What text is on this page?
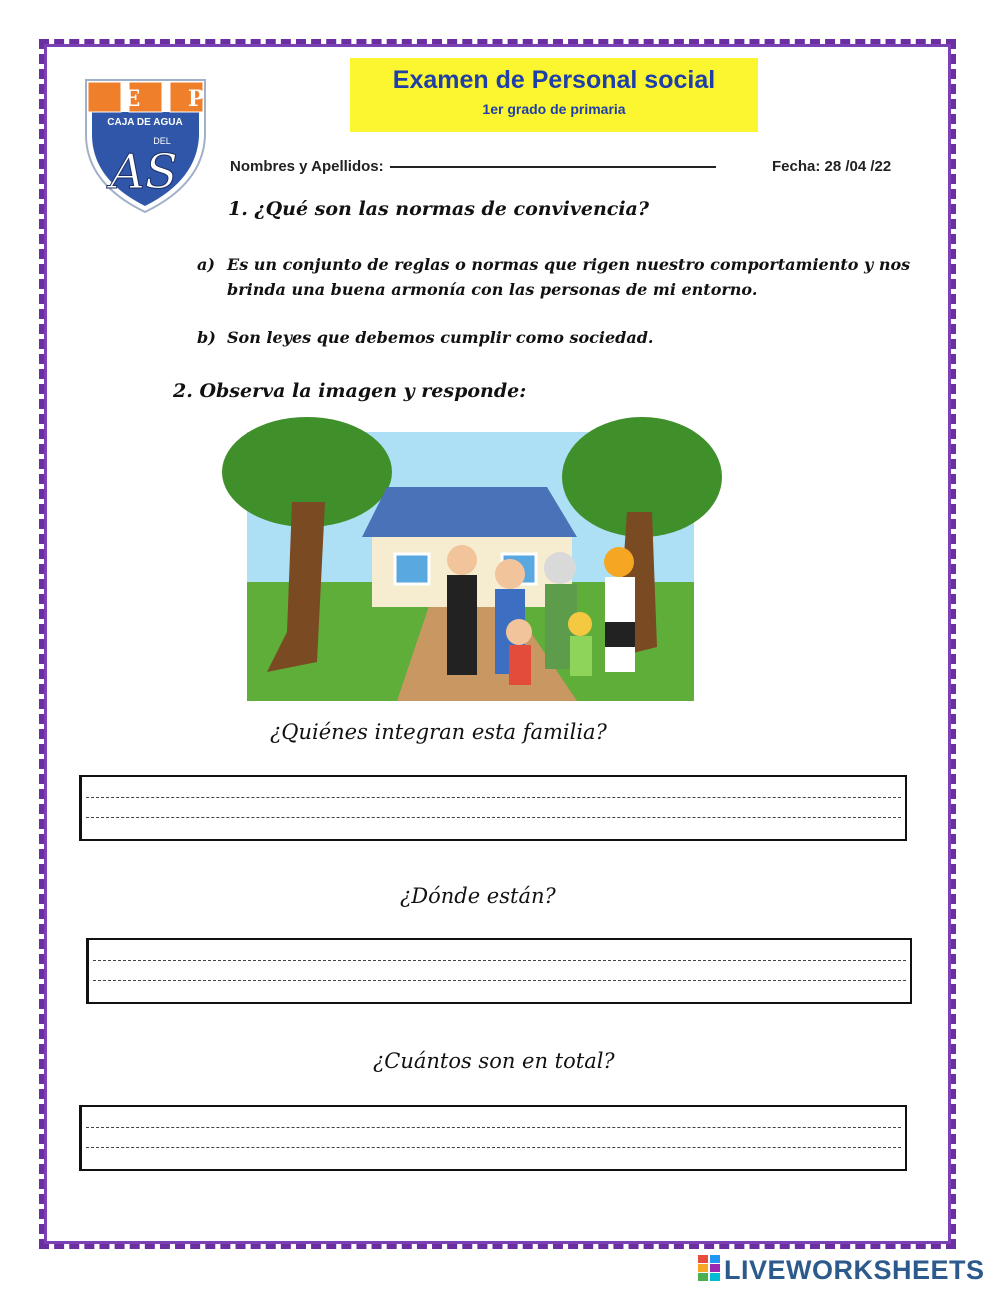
I E P
CAJA DE AGUA
DEL
AS
Examen de Personal social
1er grado de primaria
Nombres y Apellidos:	Fecha: 28 /04 /22
1. ¿Qué son las normas de convivencia?
a) Es un conjunto de reglas o normas que rigen nuestro comportamiento y nos brinda una buena armonía con las personas de mi entorno.
b) Son leyes que debemos cumplir como sociedad.
2. Observa la imagen y responde:
¿Quiénes integran esta familia?
¿Dónde están?
¿Cuántos son en total?
LIVEWORKSHEETS
